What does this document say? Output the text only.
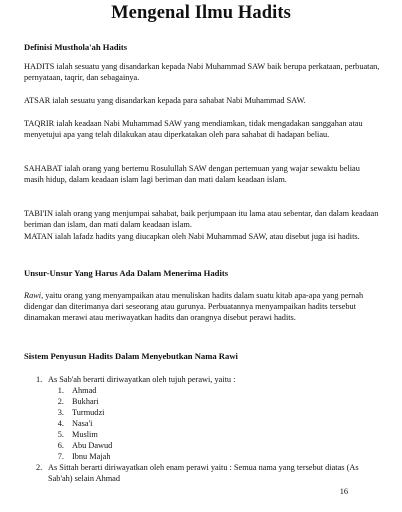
Mengenal Ilmu Hadits
Definisi Musthola'ah Hadits

HADITS ialah sesuatu yang disandarkan kepada Nabi Muhammad SAW baik berupa perkataan, perbuatan, pernyataan, taqrir, dan sebagainya.

ATSAR ialah sesuatu yang disandarkan kepada para sahabat Nabi Muhammad SAW.

TAQRIR ialah keadaan Nabi Muhammad SAW yang mendiamkan, tidak mengadakan sanggahan atau menyetujui apa yang telah dilakukan atau diperkatakan oleh para sahabat di hadapan beliau.

SAHABAT ialah orang yang bertemu Rosulullah SAW dengan pertemuan yang wajar sewaktu beliau masih hidup, dalam keadaan islam lagi beriman dan mati dalam keadaan islam.

TABI'IN ialah orang yang menjumpai sahabat, baik perjumpaan itu lama atau sebentar, dan dalam keadaan beriman dan islam, dan mati dalam keadaan islam.

MATAN ialah lafadz hadits yang diucapkan oleh Nabi Muhammad SAW, atau disebut juga isi hadits.

Unsur-Unsur Yang Harus Ada Dalam Menerima Hadits

Rawi, yaitu orang yang menyampaikan atau menuliskan hadits dalam suatu kitab apa-apa yang pernah didengar dan diterimanya dari seseorang atau gurunya. Perbuatannya menyampaikan hadits tersebut dinamakan merawi atau meriwayatkan hadits dan orangnya disebut perawi hadits.

Sistem Penyusun Hadits Dalam Menyebutkan Nama Rawi
1. As Sab'ah berarti diriwayatkan oleh tujuh perawi, yaitu :
1. Ahmad
2. Bukhari
3. Turmudzi
4. Nasa'i
5. Muslim
6. Abu Dawud
7. Ibnu Majah
2. As Sittah berarti diriwayatkan oleh enam perawi yaitu : Semua nama yang tersebut diatas (As Sab'ah) selain Ahmad
16
